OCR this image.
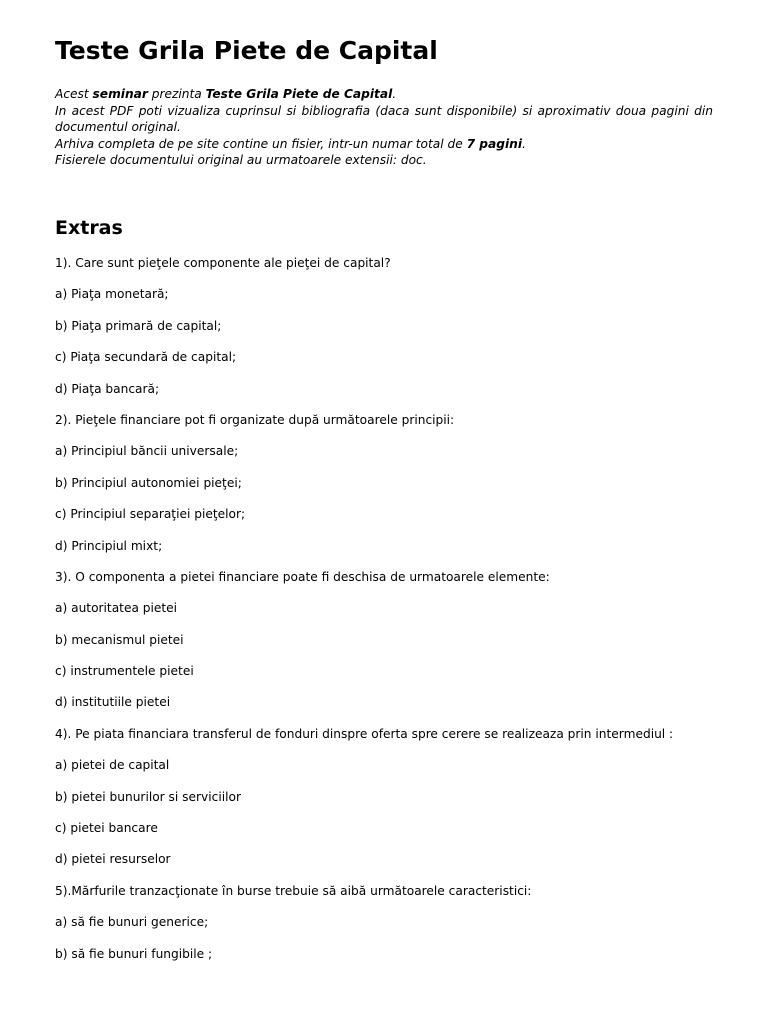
Teste Grila Piete de Capital

Acest seminar prezinta Teste Grila Piete de Capital.

In acest PDF poti vizualiza cuprinsul si bibliografia (daca sunt disponibile) si aproximativ doua pagini din documentul original.

Arhiva completa de pe site contine un fisier, intr-un numar total de 7 pagini.

Fisierele documentului original au urmatoarele extensii: doc.

Extras
1). Care sunt pieţele componente ale pieţei de capital?
a) Piaţa monetară;
b) Piaţa primară de capital;
c) Piaţa secundară de capital;
d) Piaţa bancară;
2). Pieţele financiare pot fi organizate după următoarele principii:
a) Principiul băncii universale;
b) Principiul autonomiei pieţei;
c) Principiul separaţiei pieţelor;
d) Principiul mixt;
3). O componenta a pietei financiare poate fi deschisa de urmatoarele elemente:
a) autoritatea pietei
b) mecanismul pietei
c) instrumentele pietei
d) institutiile pietei
4). Pe piata financiara transferul de fonduri dinspre oferta spre cerere se realizeaza prin intermediul :
a) pietei de capital
b) pietei bunurilor si serviciilor
c) pietei bancare
d) pietei resurselor
5).Mărfurile tranzacţionate în burse trebuie să aibă următoarele caracteristici:
a) să fie bunuri generice;
b) să fie bunuri fungibile ;
